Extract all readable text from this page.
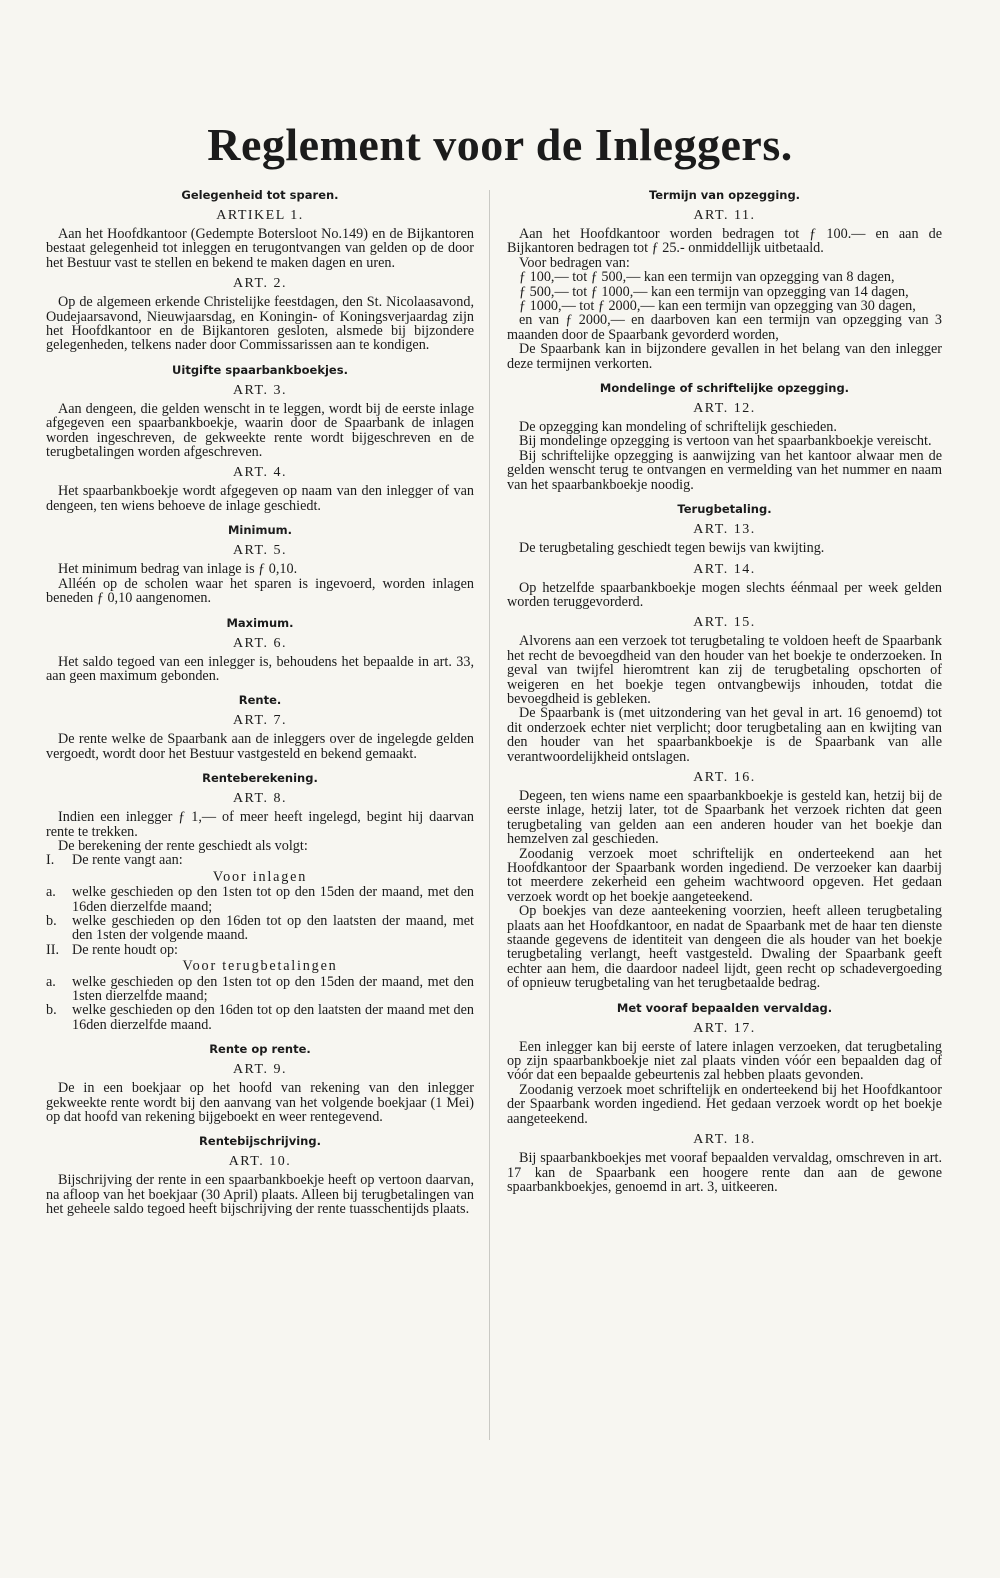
Reglement voor de Inleggers.
Gelegenheid tot sparen.
ARTIKEL 1.

Aan het Hoofdkantoor (Gedempte Botersloot No.149) en de Bijkantoren bestaat gelegenheid tot inleggen en terugontvangen van gelden op de door het Bestuur vast te stellen en bekend te maken dagen en uren.

ART. 2.

Op de algemeen erkende Christelijke feestdagen, den St. Nicolaasavond, Oudejaarsavond, Nieuwjaarsdag, en Koningin- of Koningsverjaardag zijn het Hoofdkantoor en de Bijkantoren gesloten, alsmede bij bijzondere gelegenheden, telkens nader door Commissarissen aan te kondigen.

Uitgifte spaarbankboekjes.
ART. 3.

Aan dengeen, die gelden wenscht in te leggen, wordt bij de eerste inlage afgegeven een spaarbankboekje, waarin door de Spaarbank de inlagen worden ingeschreven, de gekweekte rente wordt bijgeschreven en de terugbetalingen worden afgeschreven.

ART. 4.

Het spaarbankboekje wordt afgegeven op naam van den inlegger of van dengeen, ten wiens behoeve de inlage geschiedt.

Minimum.
ART. 5.

Het minimum bedrag van inlage is ƒ 0,10.

Alléén op de scholen waar het sparen is ingevoerd, worden inlagen beneden ƒ 0,10 aangenomen.

Maximum.
ART. 6.

Het saldo tegoed van een inlegger is, behoudens het bepaalde in art. 33, aan geen maximum gebonden.

Rente.
ART. 7.

De rente welke de Spaarbank aan de inleggers over de ingelegde gelden vergoedt, wordt door het Bestuur vastgesteld en bekend gemaakt.

Renteberekening.
ART. 8.

Indien een inlegger ƒ 1,— of meer heeft ingelegd, begint hij daarvan rente te trekken.

De berekening der rente geschiedt als volgt:

I.	De rente vangt aan:

Voor inlagen

a.	welke geschieden op den 1sten tot op den 15den der maand, met den 16den dierzelfde maand;
b.	welke geschieden op den 16den tot op den laatsten der maand, met den 1sten der volgende maand.
II. De rente houdt op:

Voor terugbetalingen

a.	welke geschieden op den 1sten tot op den 15den der maand, met den 1sten dierzelfde maand;
b.	welke geschieden op den 16den tot op den laatsten der maand met den 16den dierzelfde maand.
Rente op rente.
ART. 9.

De in een boekjaar op het hoofd van rekening van den inlegger gekweekte rente wordt bij den aanvang van het volgende boekjaar (1 Mei) op dat hoofd van rekening bijgeboekt en weer rentegevend.

Rentebijschrijving.
ART. 10.

Bijschrijving der rente in een spaarbankboekje heeft op vertoon daarvan, na afloop van het boekjaar (30 April) plaats. Alleen bij terugbetalingen van het geheele saldo tegoed heeft bijschrijving der rente tuasschentijds plaats.

Termijn van opzegging.
ART. 11.

Aan het Hoofdkantoor worden bedragen tot ƒ 100.— en aan de Bijkantoren bedragen tot ƒ 25.- onmiddellijk uitbetaald.

Voor bedragen van:

ƒ 100,— tot ƒ 500,— kan een termijn van opzegging van 8 dagen,

ƒ 500,— tot ƒ 1000,— kan een termijn van opzegging van 14 dagen,

ƒ 1000,— tot ƒ 2000,— kan een termijn van opzegging van 30 dagen,

en van ƒ 2000,— en daarboven kan een termijn van opzegging van 3 maanden door de Spaarbank gevorderd worden,

De Spaarbank kan in bijzondere gevallen in het belang van den inlegger deze termijnen verkorten.

Mondelinge of schriftelijke opzegging.
ART. 12.

De opzegging kan mondeling of schriftelijk geschieden.

Bij mondelinge opzegging is vertoon van het spaarbankboekje vereischt.

Bij schriftelijke opzegging is aanwijzing van het kantoor alwaar men de gelden wenscht terug te ontvangen en vermelding van het nummer en naam van het spaarbankboekje noodig.

Terugbetaling.
ART. 13.

De terugbetaling geschiedt tegen bewijs van kwijting.

ART. 14.

Op hetzelfde spaarbankboekje mogen slechts éénmaal per week gelden worden teruggevorderd.

ART. 15.

Alvorens aan een verzoek tot terugbetaling te voldoen heeft de Spaarbank het recht de bevoegdheid van den houder van het boekje te onderzoeken. In geval van twijfel hieromtrent kan zij de terugbetaling opschorten of weigeren en het boekje tegen ontvangbewijs inhouden, totdat die bevoegdheid is gebleken.

De Spaarbank is (met uitzondering van het geval in art. 16 genoemd) tot dit onderzoek echter niet verplicht; door terugbetaling aan en kwijting van den houder van het spaarbankboekje is de Spaarbank van alle verantwoordelijkheid ontslagen.

ART. 16.

Degeen, ten wiens name een spaarbankboekje is gesteld kan, hetzij bij de eerste inlage, hetzij later, tot de Spaarbank het verzoek richten dat geen terugbetaling van gelden aan een anderen houder van het boekje dan hemzelven zal geschieden.

Zoodanig verzoek moet schriftelijk en onderteekend aan het Hoofdkantoor der Spaarbank worden ingediend. De verzoeker kan daarbij tot meerdere zekerheid een geheim wachtwoord opgeven. Het gedaan verzoek wordt op het boekje aangeteekend.

Op boekjes van deze aanteekening voorzien, heeft alleen terugbetaling plaats aan het Hoofdkantoor, en nadat de Spaarbank met de haar ten dienste staande gegevens de identiteit van dengeen die als houder van het boekje terugbetaling verlangt, heeft vastgesteld. Dwaling der Spaarbank geeft echter aan hem, die daardoor nadeel lijdt, geen recht op schadevergoeding of opnieuw terugbetaling van het terugbetaalde bedrag.

Met vooraf bepaalden vervaldag.
ART. 17.

Een inlegger kan bij eerste of latere inlagen verzoeken, dat terugbetaling op zijn spaarbankboekje niet zal plaats vinden vóór een bepaalden dag of vóór dat een bepaalde gebeurtenis zal hebben plaats gevonden.

Zoodanig verzoek moet schriftelijk en onderteekend bij het Hoofdkantoor der Spaarbank worden ingediend. Het gedaan verzoek wordt op het boekje aangeteekend.

ART. 18.

Bij spaarbankboekjes met vooraf bepaalden vervaldag, omschreven in art. 17 kan de Spaarbank een hoogere rente dan aan de gewone spaarbankboekjes, genoemd in art. 3, uitkeeren.
